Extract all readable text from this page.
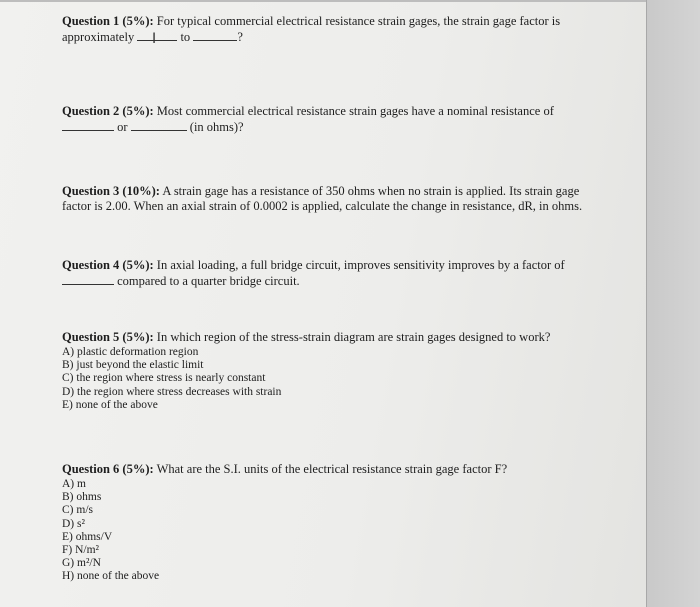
Question 1 (5%): For typical commercial electrical resistance strain gages, the strain gage factor is
approximately	to	?
I
Question 2 (5%): Most commercial electrical resistance strain gages have a nominal resistance of
or	(in ohms)?
Question 3 (10%): A strain gage has a resistance of 350 ohms when no strain is applied. Its strain gage
factor is 2.00. When an axial strain of 0.0002 is applied, calculate the change in resistance, dR, in ohms.
Question 4 (5%): In axial loading, a full bridge circuit, improves sensitivity improves by a factor of
compared to a quarter bridge circuit.
Question 5 (5%): In which region of the stress-strain diagram are strain gages designed to work?
A) plastic deformation region
B) just beyond the elastic limit
C) the region where stress is nearly constant
D) the region where stress decreases with strain
E) none of the above
Question 6 (5%): What are the S.I. units of the electrical resistance strain gage factor F?
A) m
B) ohms
C) m/s
D) s²
E) ohms/V
F) N/m²
G) m²/N
H) none of the above
